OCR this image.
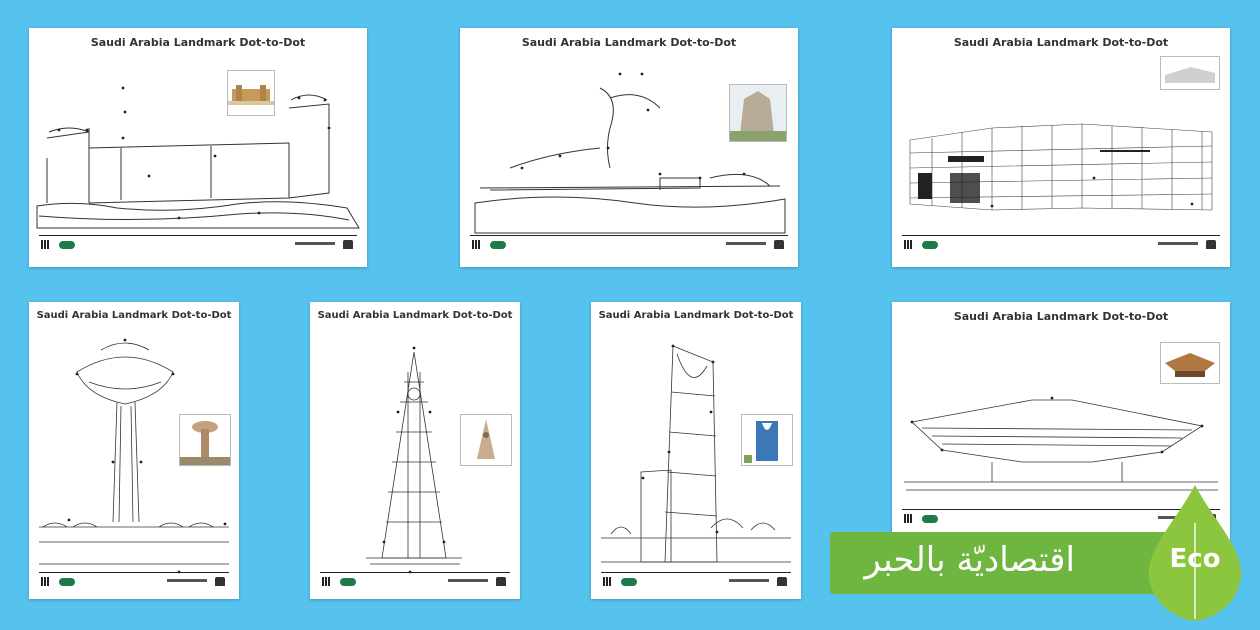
Saudi Arabia Landmark Dot-to-Dot	Saudi Arabia Landmark Dot-to-Dot	Saudi Arabia Landmark Dot-to-Dot
Saudi Arabia Landmark Dot-to-Dot	Saudi Arabia Landmark Dot-to-Dot	Saudi Arabia Landmark Dot-to-Dot	Saudi Arabia Landmark Dot-to-Dot
اقتصاديّة بالحبر	Eco
